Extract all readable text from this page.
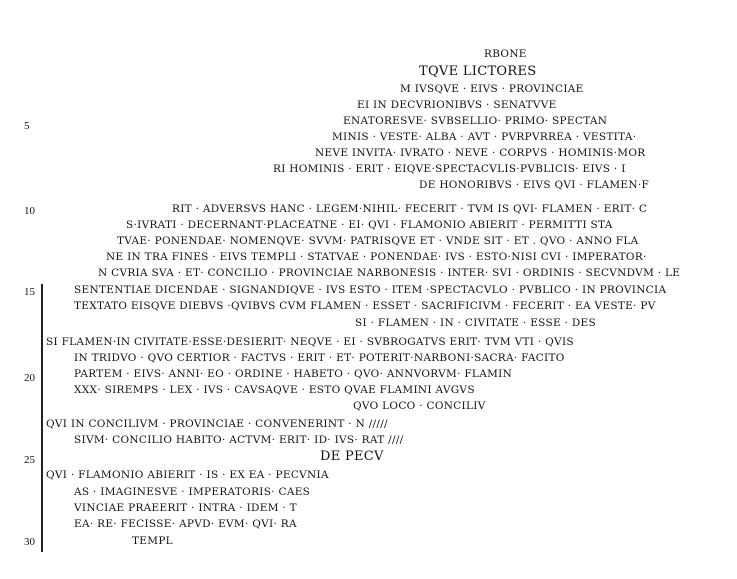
5
10
15
20
25
30
RBONE
TQVE LICTORES
M IVSQVE · EIVS · PROVINCIAE
EI IN DECVRIONIBVS · SENATVVE
ENATORESVE· SVBSELLIO· PRIMO· SPECTAN
MINIS · VESTE· ALBA · AVT · PVRPVRREA · VESTITA·
NEVE INVITA· IVRATO · NEVE · CORPVS · HOMINIS·MOR
RI HOMINIS · ERIT · EIQVE·SPECTACVLIS·PVBLICIS· EIVS · I
DE HONORIBVS · EIVS QVI · FLAMEN·F
RIT · ADVERSVS HANC · LEGEM·NIHIL· FECERIT · TVM IS QVI· FLAMEN · ERIT· C
S·IVRATI · DECERNANT·PLACEATNE · EI· QVI · FLAMONIO ABIERIT · PERMITTI STA
TVAE· PONENDAE· NOMENQVE· SVVM· PATRISQVE ET · VNDE SIT · ET . QVO · ANNO FLA
NE IN TRA FINES · EIVS TEMPLI · STATVAE · PONENDAE· IVS · ESTO·NISI CVI · IMPERATOR·
N CVRIA SVA · ET· CONCILIO · PROVINCIAE NARBONESIS · INTER· SVI · ORDINIS · SECVNDVM · LE
SENTENTIAE DICENDAE · SIGNANDIQVE · IVS ESTO · ITEM ·SPECTACVLO · PVBLICO · IN PROVINCIA
TEXTATO EISQVE DIEBVS ·QVIBVS CVM FLAMEN · ESSET · SACRIFICIVM · FECERIT · EA VESTE· PV
SI · FLAMEN · IN · CIVITATE · ESSE · DES
SI FLAMEN·IN CIVITATE·ESSE·DESIERIT· NEQVE · EI · SVBROGATVS ERIT· TVM VTI · QVIS
IN TRIDVO · QVO CERTIOR · FACTVS · ERIT · ET· POTERIT·NARBONI·SACRA· FACITO
PARTEM · EIVS· ANNI· EO · ORDINE · HABETO · QVO· ANNVORVM· FLAMIN
XXX· SIREMPS · LEX · IVS · CAVSAQVE · ESTO QVAE FLAMINI AVGVS
QVO LOCO · CONCILIV
QVI IN CONCILIVM · PROVINCIAE · CONVENERINT · N /////
SIVM· CONCILIO HABITO· ACTVM· ERIT· ID· IVS· RAT ////
DE PECV
QVI · FLAMONIO ABIERIT · IS · EX EA · PECVNIA
AS · IMAGINESVE · IMPERATORIS· CAES
VINCIAE PRAEERIT · INTRA · IDEM · T
EA· RE· FECISSE· APVD· EVM· QVI· RA
TEMPL
